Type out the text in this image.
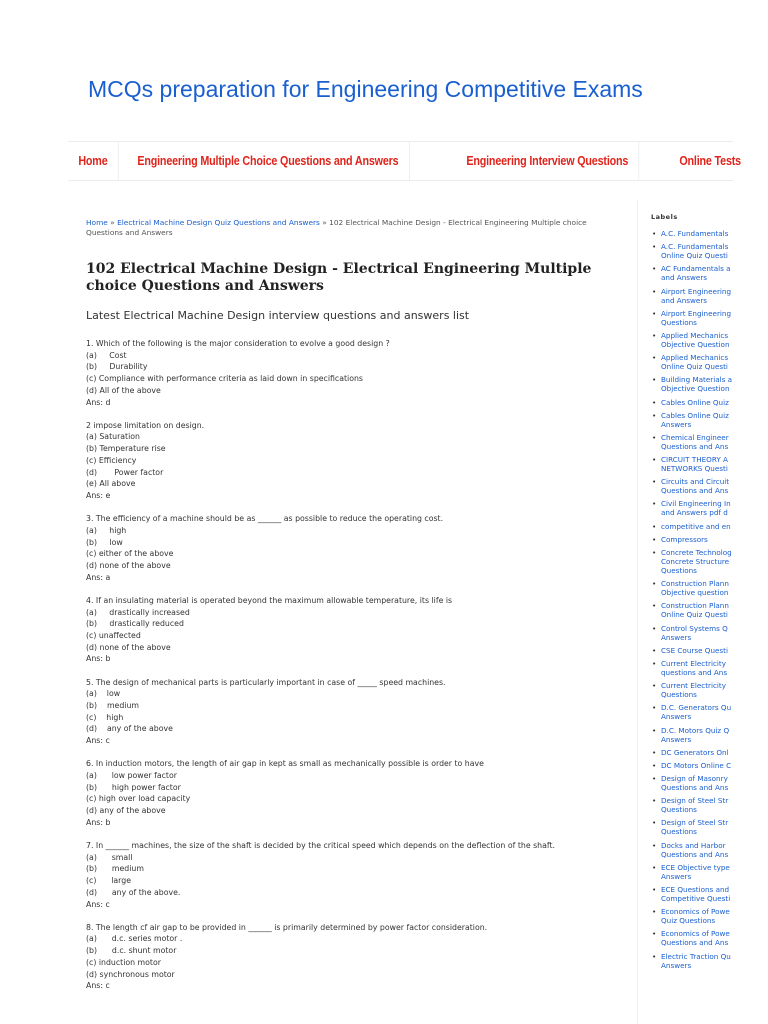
MCQs preparation for Engineering Competitive Exams
Home	Engineering Multiple Choice Questions and Answers	Engineering Interview Questions	Online Tests
Home » Electrical Machine Design Quiz Questions and Answers » 102 Electrical Machine Design - Electrical Engineering Multiple choice Questions and Answers
102 Electrical Machine Design - Electrical Engineering Multiple choice Questions and Answers
Latest Electrical Machine Design interview questions and answers list
1. Which of the following is the major consideration to evolve a good design ?
(a)     Cost
(b)     Durability
(c) Compliance with performance criteria as laid down in specifications
(d) All of the above
Ans: d
2 impose limitation on design.
(a) Saturation
(b) Temperature rise
(c) Efficiency
(d)       Power factor
(e) All above
Ans: e
3. The efficiency of a machine should be as ______ as possible to reduce the operating cost.
(a)     high
(b)     low
(c) either of the above
(d) none of the above
Ans: a
4. If an insulating material is operated beyond the maximum allowable temperature, its life is
(a)     drastically increased
(b)     drastically reduced
(c) unaffected
(d) none of the above
Ans: b
5. The design of mechanical parts is particularly important in case of _____ speed machines.
(a)    low
(b)    medium
(c)    high
(d)    any of the above
Ans: c
6. In induction motors, the length of air gap in kept as small as mechanically possible is order to have
(a)      low power factor
(b)      high power factor
(c) high over load capacity
(d) any of the above
Ans: b
7. In ______ machines, the size of the shaft is decided by the critical speed which depends on the deflection of the shaft.
(a)      small
(b)      medium
(c)      large
(d)      any of the above.
Ans: c
8. The length cf air gap to be provided in ______ is primarily determined by power factor consideration.
(a)      d.c. series motor .
(b)      d.c. shunt motor
(c) induction motor
(d) synchronous motor
Ans: c
Labels
• A.C. Fundamentals
• A.C. Fundamentals
Online Quiz Questi
• AC Fundamentals a
and Answers
• Airport Engineering
and Answers
• Airport Engineering
Questions
• Applied Mechanics
Objective Question
• Applied Mechanics
Online Quiz Questi
• Building Materials a
Objective Question
• Cables Online Quiz
• Cables Online Quiz
Answers
• Chemical Engineer
Questions and Ans
• CIRCUIT THEORY A
NETWORKS Questi
• Circuits and Circuit
Questions and Ans
• Civil Engineering In
and Answers pdf d
• competitive and en
• Compressors
• Concrete Technolog
Concrete Structure
Questions
• Construction Plann
Objective question
• Construction Plann
Online Quiz Questi
• Control Systems Q
Answers
• CSE Course Questi
• Current Electricity
questions and Ans
• Current Electricity
Questions
• D.C. Generators Qu
Answers
• D.C. Motors Quiz Q
Answers
• DC Generators Onl
• DC Motors Online C
• Design of Masonry
Questions and Ans
• Design of Steel Str
Questions
• Design of Steel Str
Questions
• Docks and Harbor
Questions and Ans
• ECE Objective type
Answers
• ECE Questions and
Competitive Questi
• Economics of Powe
Quiz Questions
• Economics of Powe
Questions and Ans
• Electric Traction Qu
Answers
